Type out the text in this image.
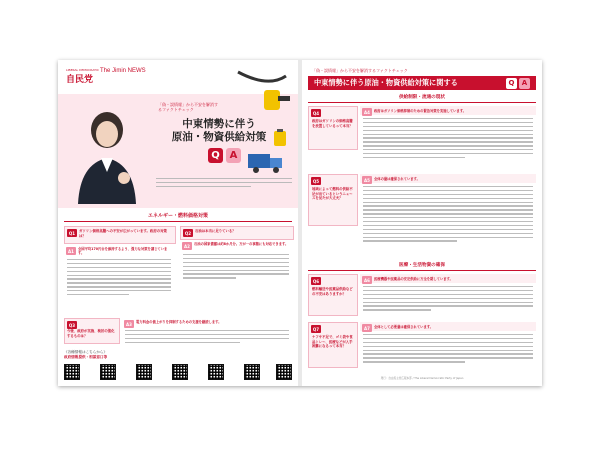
LIBERAL DEMOCRATIC
自民党
The Jimin NEWS
「偽・誤情報」から不安を解消するファクトチェック
中東情勢に伴う
原油・物資供給対策
Q A
エネルギー・燃料価格対策
Q1	ガソリン価格高騰への不安が広がっています。政府の対策は？
A1	全国平均170円台を維持するよう、強力な対策を講じています。
Q2	石油は本当に足りている？
A2	石油の国家備蓄は約8か月分。万が一の事態にも対応できます。
Q3
今後、政府が実施、検討の強化するものは？
A3	電力料金の値上がりを抑制するための支援を継続します。
《各種情報はこちらから》
政府情報提供・相談窓口等
「偽・誤情報」から不安を解消するファクトチェック
中東情勢に伴う原油・物資供給対策に関する	Q	A
供給制限・流通の現状
Q4
政府はガソリンの価格高騰を放置しているって本当？
A4	政府はガソリン価格抑制のための緊急対策を実施しています。
Q5
地域によって燃料の供給不足が出ているというニュースを見たが大丈夫？
A5	全体の量は確保されています。
医療・生活物資の確保
Q6
燃料輸送や医薬品供給などの不安はありますか？
A6	医療機器や医薬品の安定供給に万全を期しています。
Q7
ナフサ不足で、ゴミ袋や食品トレー、医療などが入手困難になるって本当？
A7	全体として必要量は確保されています。
発行：自由民主党広報本部 / The Liberal Democratic Party of Japan
